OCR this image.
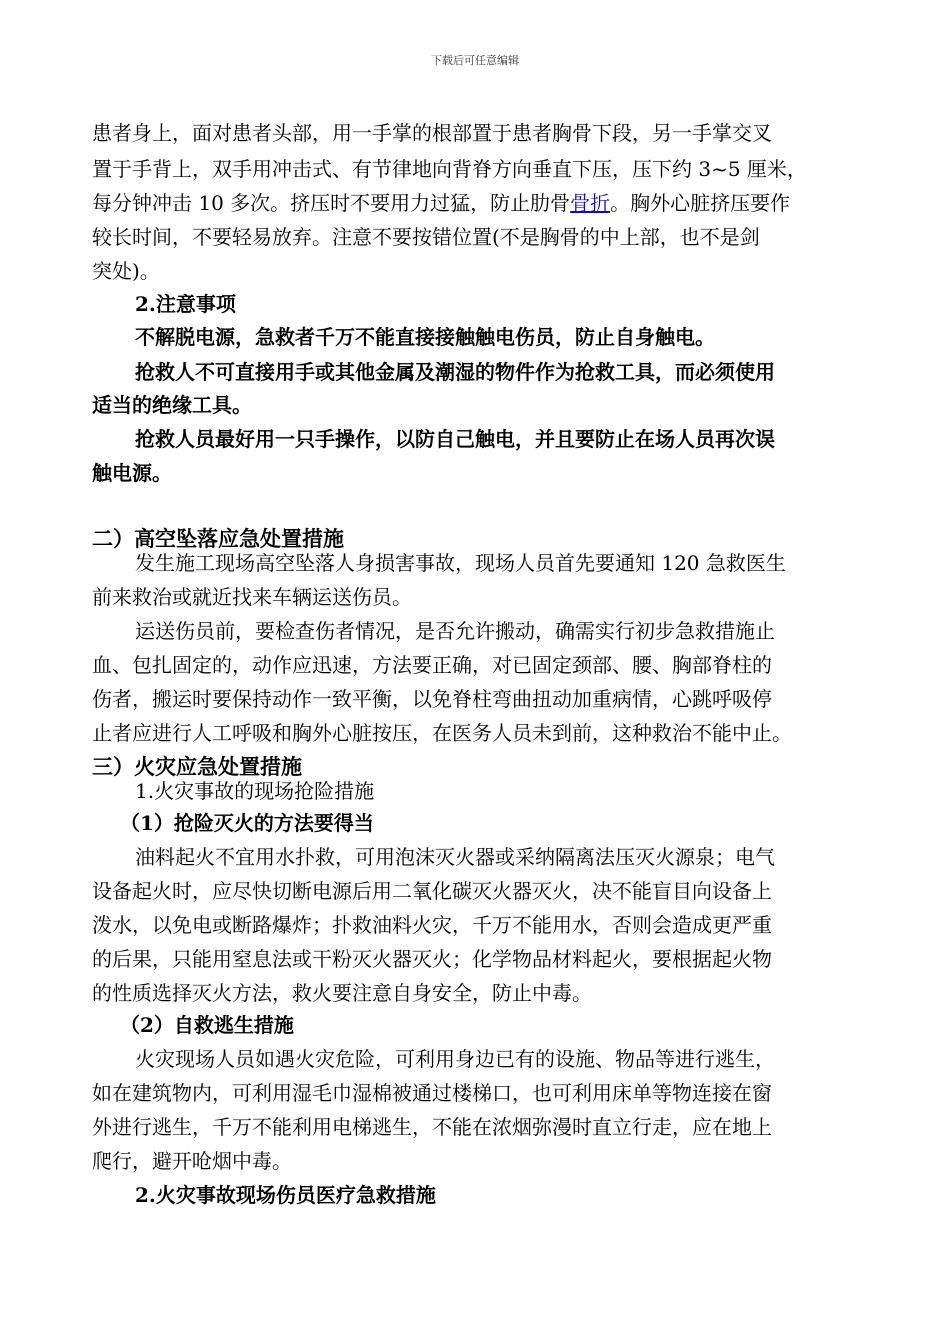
下载后可任意编辑
患者身上，面对患者头部，用一手掌的根部置于患者胸骨下段，另一手掌交叉
置于手背上，双手用冲击式、有节律地向背脊方向垂直下压，压下约 3~5 厘米，
每分钟冲击 10 多次。挤压时不要用力过猛，防止肋骨骨折。胸外心脏挤压要作
较长时间，不要轻易放弃。注意不要按错位置(不是胸骨的中上部，也不是剑
突处)。
2.注意事项
不解脱电源，急救者千万不能直接接触触电伤员，防止自身触电。
抢救人不可直接用手或其他金属及潮湿的物件作为抢救工具，而必须使用
适当的绝缘工具。
抢救人员最好用一只手操作，以防自己触电，并且要防止在场人员再次误
触电源。
二）高空坠落应急处置措施
发生施工现场高空坠落人身损害事故，现场人员首先要通知 120 急救医生
前来救治或就近找来车辆运送伤员。
运送伤员前，要检查伤者情况，是否允许搬动，确需实行初步急救措施止
血、包扎固定的，动作应迅速，方法要正确，对已固定颈部、腰、胸部脊柱的
伤者，搬运时要保持动作一致平衡，以免脊柱弯曲扭动加重病情，心跳呼吸停
止者应进行人工呼吸和胸外心脏按压，在医务人员未到前，这种救治不能中止。
三）火灾应急处置措施
1.火灾事故的现场抢险措施
（1）抢险灭火的方法要得当
油料起火不宜用水扑救，可用泡沫灭火器或采纳隔离法压灭火源泉；电气
设备起火时，应尽快切断电源后用二氧化碳灭火器灭火，决不能盲目向设备上
泼水，以免电或断路爆炸；扑救油料火灾，千万不能用水，否则会造成更严重
的后果，只能用窒息法或干粉灭火器灭火；化学物品材料起火，要根据起火物
的性质选择灭火方法，救火要注意自身安全，防止中毒。
（2）自救逃生措施
火灾现场人员如遇火灾危险，可利用身边已有的设施、物品等进行逃生，
如在建筑物内，可利用湿毛巾湿棉被通过楼梯口，也可利用床单等物连接在窗
外进行逃生，千万不能利用电梯逃生，不能在浓烟弥漫时直立行走，应在地上
爬行，避开呛烟中毒。
2.火灾事故现场伤员医疗急救措施
